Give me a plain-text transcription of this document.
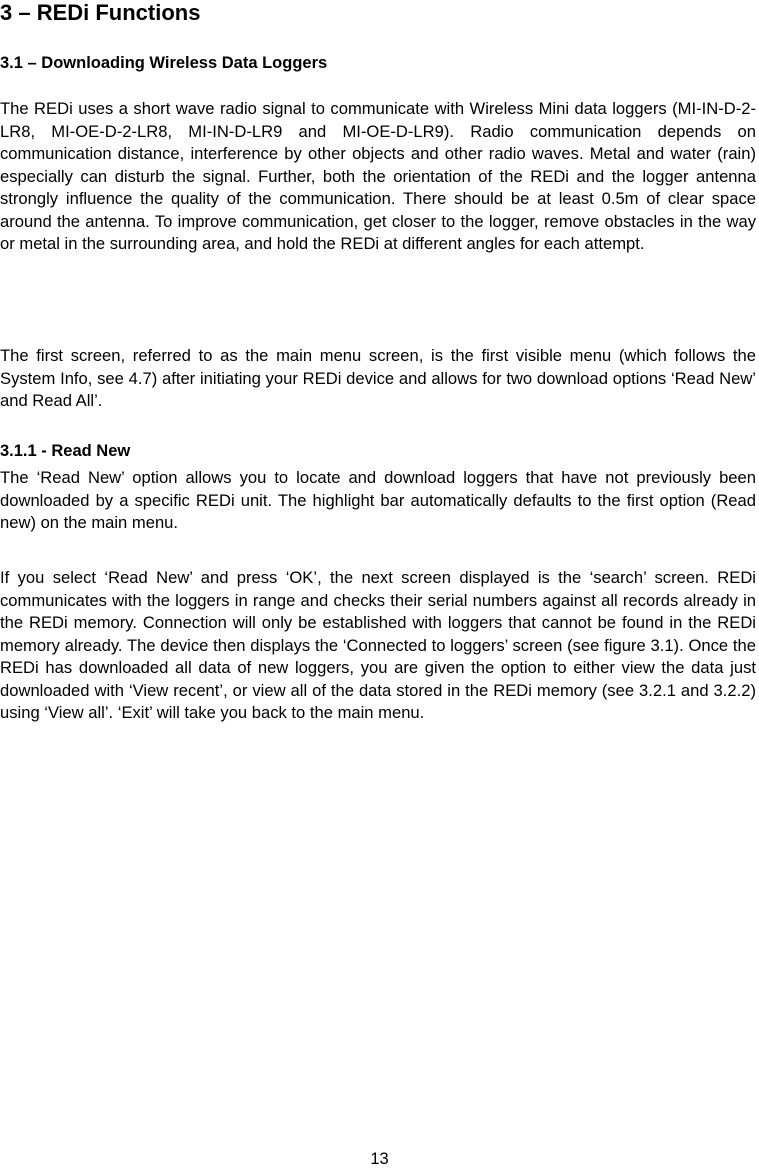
3 – REDi Functions
3.1 – Downloading Wireless Data Loggers

The REDi uses a short wave radio signal to communicate with Wireless Mini data loggers (MI-IN-D-2-LR8, MI-OE-D-2-LR8, MI-IN-D-LR9 and MI-OE-D-LR9). Radio communication depends on communication distance, interference by other objects and other radio waves. Metal and water (rain) especially can disturb the signal. Further, both the orientation of the REDi and the logger antenna strongly influence the quality of the communication. There should be at least 0.5m of clear space around the antenna. To improve communication, get closer to the logger, remove obstacles in the way or metal in the surrounding area, and hold the REDi at different angles for each attempt.

The first screen, referred to as the main menu screen, is the first visible menu (which follows the System Info, see 4.7) after initiating your REDi device and allows for two download options ‘Read New’ and Read All’.

3.1.1 - Read New

The ‘Read New’ option allows you to locate and download loggers that have not previously been downloaded by a specific REDi unit. The highlight bar automatically defaults to the first option (Read new) on the main menu.

If you select ‘Read New’ and press ‘OK’, the next screen displayed is the ‘search’ screen. REDi communicates with the loggers in range and checks their serial numbers against all records already in the REDi memory. Connection will only be established with loggers that cannot be found in the REDi memory already. The device then displays the ‘Connected to loggers’ screen (see figure 3.1). Once the REDi has downloaded all data of new loggers, you are given the option to either view the data just downloaded with ‘View recent’, or view all of the data stored in the REDi memory (see 3.2.1 and 3.2.2) using ‘View all’. ‘Exit’ will take you back to the main menu.

13
